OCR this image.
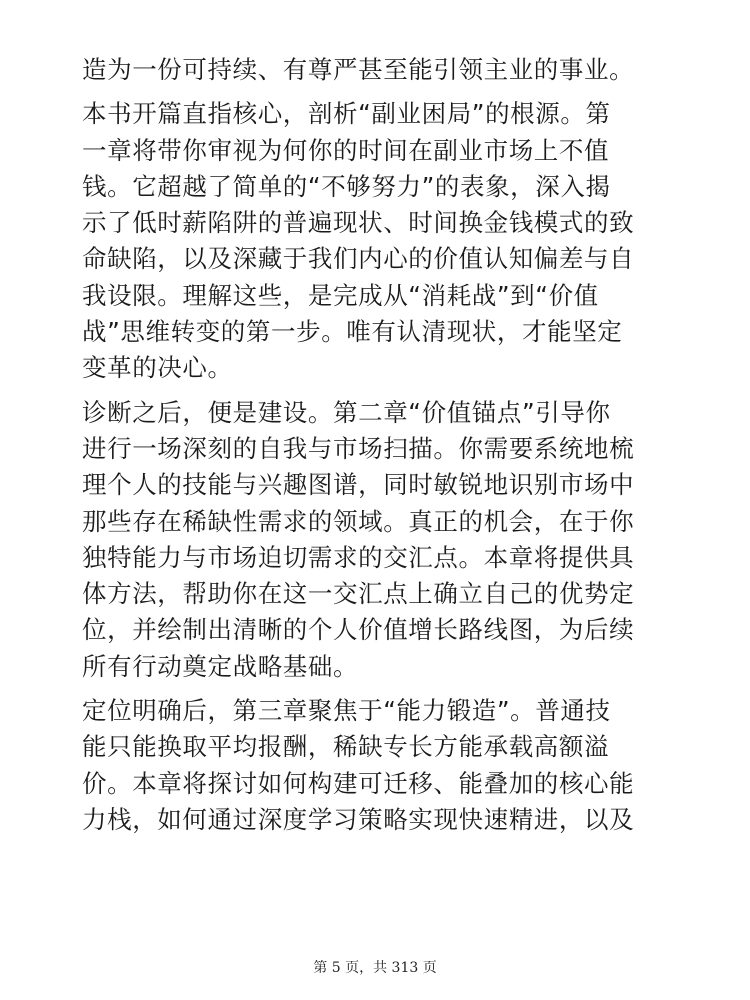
造为一份可持续、有尊严甚至能引领主业的事业。

本书开篇直指核心，剖析“副业困局”的根源。第
一章将带你审视为何你的时间在副业市场上不值
钱。它超越了简单的“不够努力”的表象，深入揭
示了低时薪陷阱的普遍现状、时间换金钱模式的致
命缺陷，以及深藏于我们内心的价值认知偏差与自
我设限。理解这些，是完成从“消耗战”到“价值
战”思维转变的第一步。唯有认清现状，才能坚定
变革的决心。

诊断之后，便是建设。第二章“价值锚点”引导你
进行一场深刻的自我与市场扫描。你需要系统地梳
理个人的技能与兴趣图谱，同时敏锐地识别市场中
那些存在稀缺性需求的领域。真正的机会，在于你
独特能力与市场迫切需求的交汇点。本章将提供具
体方法，帮助你在这一交汇点上确立自己的优势定
位，并绘制出清晰的个人价值增长路线图，为后续
所有行动奠定战略基础。

定位明确后，第三章聚焦于“能力锻造”。普通技
能只能换取平均报酬，稀缺专长方能承载高额溢
价。本章将探讨如何构建可迁移、能叠加的核心能
力栈，如何通过深度学习策略实现快速精进，以及

第 5 页，共 313 页
